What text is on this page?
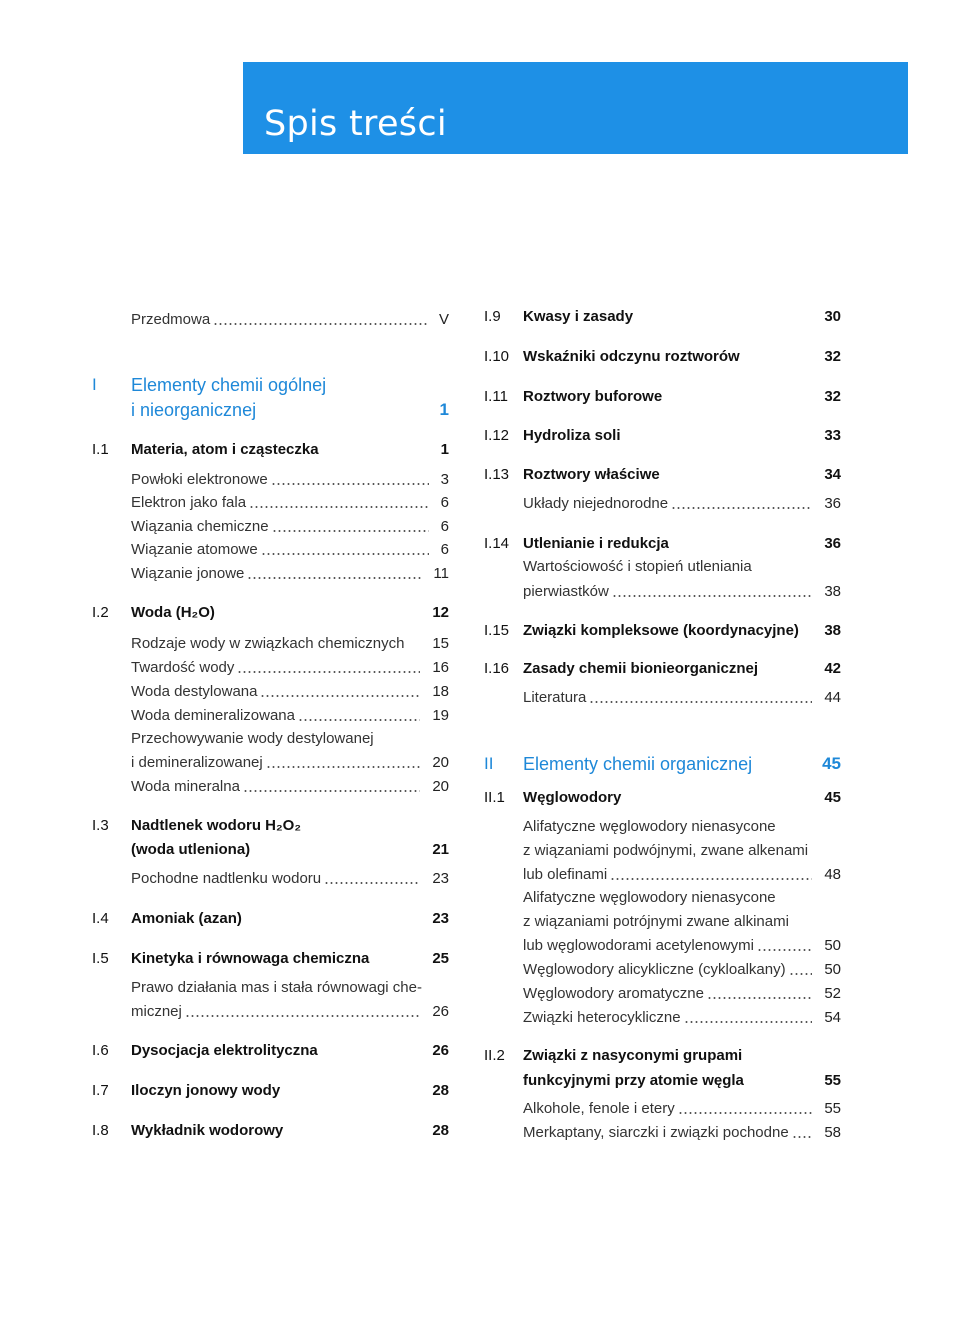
Spis treści
Przedmowa	V
I Elementy chemii ogólnej
i nieorganicznej	1
I.1 Materia, atom i cząsteczka	1
Powłoki elektronowe	3
Elektron jako fala	6
Wiązania chemiczne	6
Wiązanie atomowe	6
Wiązanie jonowe	11
I.2 Woda (H₂O)	12
Rodzaje wody w związkach chemicznych 15
Twardość wody	16
Woda destylowana	18
Woda demineralizowana	19
Przechowywanie wody destylowanej
i demineralizowanej	20
Woda mineralna	20
I.3 Nadtlenek wodoru H₂O₂
(woda utleniona)	21
Pochodne nadtlenku wodoru	23
I.4 Amoniak (azan)	23
I.5 Kinetyka i równowaga chemiczna	25
Prawo działania mas i stała równowagi che-
micznej	26
I.6 Dysocjacja elektrolityczna	26
I.7 Iloczyn jonowy wody	28
I.8 Wykładnik wodorowy	28
I.9 Kwasy i zasady	30
I.10 Wskaźniki odczynu roztworów	32
I.11 Roztwory buforowe	32
I.12 Hydroliza soli	33
I.13 Roztwory właściwe	34
Układy niejednorodne	36
I.14 Utlenianie i redukcja	36
Wartościowość i stopień utleniania
pierwiastków	38
I.15 Związki kompleksowe (koordynacyjne) 38
I.16 Zasady chemii bionieorganicznej	42
Literatura	44
II Elementy chemii organicznej	45
II.1 Węglowodory	45
Alifatyczne węglowodory nienasycone
z wiązaniami podwójnymi, zwane alkenami
lub olefinami	48
Alifatyczne węglowodory nienasycone
z wiązaniami potrójnymi zwane alkinami
lub węglowodorami acetylenowymi	50
Węglowodory alicykliczne (cykloalkany)	50
Węglowodory aromatyczne	52
Związki heterocykliczne	54
II.2 Związki z nasyconymi grupami
funkcyjnymi przy atomie węgla	55
Alkohole, fenole i etery	55
Merkaptany, siarczki i związki pochodne 58
